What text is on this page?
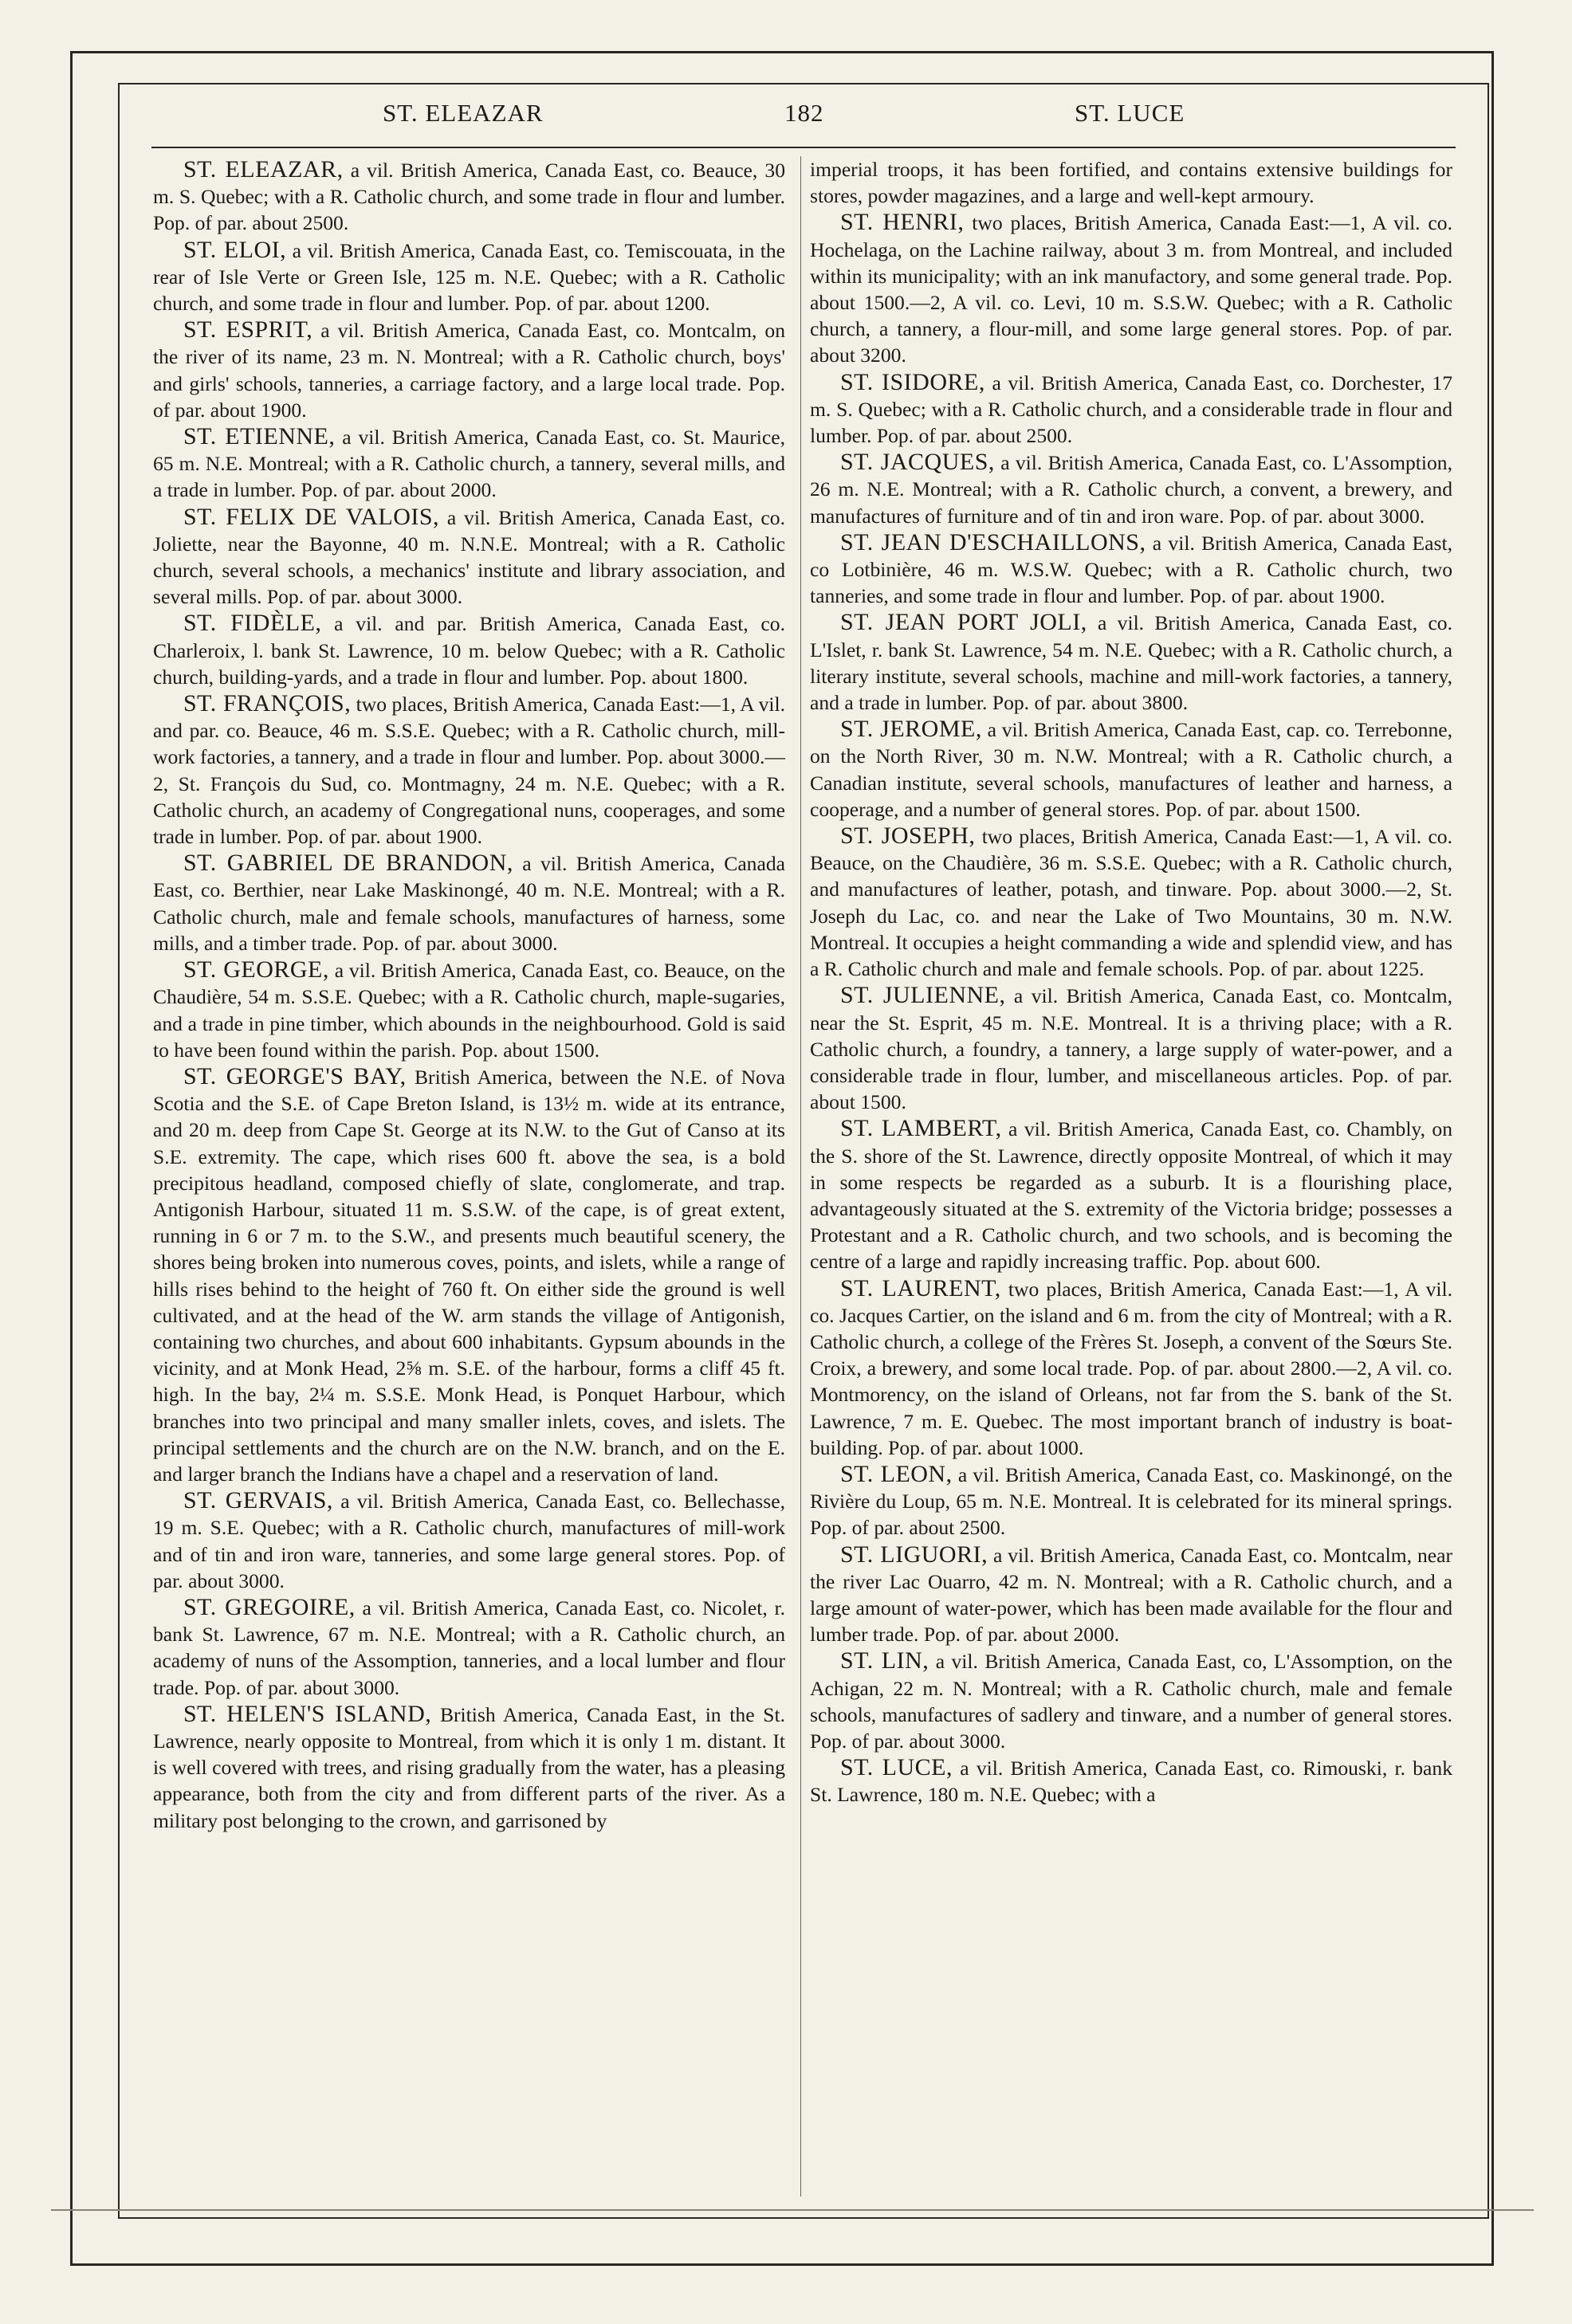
ST. ELEAZAR	182	ST. LUCE

ST. ELEAZAR, a vil. British America, Canada East, co. Beauce, 30 m. S. Quebec; with a R. Catholic church, and some trade in flour and lumber. Pop. of par. about 2500.

ST. ELOI, a vil. British America, Canada East, co. Temiscouata, in the rear of Isle Verte or Green Isle, 125 m. N.E. Quebec; with a R. Catholic church, and some trade in flour and lumber. Pop. of par. about 1200.

ST. ESPRIT, a vil. British America, Canada East, co. Montcalm, on the river of its name, 23 m. N. Montreal; with a R. Catholic church, boys' and girls' schools, tanneries, a carriage factory, and a large local trade. Pop. of par. about 1900.

ST. ETIENNE, a vil. British America, Canada East, co. St. Maurice, 65 m. N.E. Montreal; with a R. Catholic church, a tannery, several mills, and a trade in lumber. Pop. of par. about 2000.

ST. FELIX DE VALOIS, a vil. British America, Canada East, co. Joliette, near the Bayonne, 40 m. N.N.E. Montreal; with a R. Catholic church, several schools, a mechanics' institute and library association, and several mills. Pop. of par. about 3000.

ST. FIDÈLE, a vil. and par. British America, Canada East, co. Charleroix, l. bank St. Lawrence, 10 m. below Quebec; with a R. Catholic church, building-yards, and a trade in flour and lumber. Pop. about 1800.

ST. FRANÇOIS, two places, British America, Canada East:—1, A vil. and par. co. Beauce, 46 m. S.S.E. Quebec; with a R. Catholic church, mill-work factories, a tannery, and a trade in flour and lumber. Pop. about 3000.—2, St. François du Sud, co. Montmagny, 24 m. N.E. Quebec; with a R. Catholic church, an academy of Congregational nuns, cooperages, and some trade in lumber. Pop. of par. about 1900.

ST. GABRIEL DE BRANDON, a vil. British America, Canada East, co. Berthier, near Lake Maskinongé, 40 m. N.E. Montreal; with a R. Catholic church, male and female schools, manufactures of harness, some mills, and a timber trade. Pop. of par. about 3000.

ST. GEORGE, a vil. British America, Canada East, co. Beauce, on the Chaudière, 54 m. S.S.E. Quebec; with a R. Catholic church, maple-sugaries, and a trade in pine timber, which abounds in the neighbourhood. Gold is said to have been found within the parish. Pop. about 1500.

ST. GEORGE'S BAY, British America, between the N.E. of Nova Scotia and the S.E. of Cape Breton Island, is 13½ m. wide at its entrance, and 20 m. deep from Cape St. George at its N.W. to the Gut of Canso at its S.E. extremity. The cape, which rises 600 ft. above the sea, is a bold precipitous headland, composed chiefly of slate, conglomerate, and trap. Antigonish Harbour, situated 11 m. S.S.W. of the cape, is of great extent, running in 6 or 7 m. to the S.W., and presents much beautiful scenery, the shores being broken into numerous coves, points, and islets, while a range of hills rises behind to the height of 760 ft. On either side the ground is well cultivated, and at the head of the W. arm stands the village of Antigonish, containing two churches, and about 600 inhabitants. Gypsum abounds in the vicinity, and at Monk Head, 2⅝ m. S.E. of the harbour, forms a cliff 45 ft. high. In the bay, 2¼ m. S.S.E. Monk Head, is Ponquet Harbour, which branches into two principal and many smaller inlets, coves, and islets. The principal settlements and the church are on the N.W. branch, and on the E. and larger branch the Indians have a chapel and a reservation of land.

ST. GERVAIS, a vil. British America, Canada East, co. Bellechasse, 19 m. S.E. Quebec; with a R. Catholic church, manufactures of mill-work and of tin and iron ware, tanneries, and some large general stores. Pop. of par. about 3000.

ST. GREGOIRE, a vil. British America, Canada East, co. Nicolet, r. bank St. Lawrence, 67 m. N.E. Montreal; with a R. Catholic church, an academy of nuns of the Assomption, tanneries, and a local lumber and flour trade. Pop. of par. about 3000.

ST. HELEN'S ISLAND, British America, Canada East, in the St. Lawrence, nearly opposite to Montreal, from which it is only 1 m. distant. It is well covered with trees, and rising gradually from the water, has a pleasing appearance, both from the city and from different parts of the river. As a military post belonging to the crown, and garrisoned by

imperial troops, it has been fortified, and contains extensive buildings for stores, powder magazines, and a large and well-kept armoury.

ST. HENRI, two places, British America, Canada East:—1, A vil. co. Hochelaga, on the Lachine railway, about 3 m. from Montreal, and included within its municipality; with an ink manufactory, and some general trade. Pop. about 1500.—2, A vil. co. Levi, 10 m. S.S.W. Quebec; with a R. Catholic church, a tannery, a flour-mill, and some large general stores. Pop. of par. about 3200.

ST. ISIDORE, a vil. British America, Canada East, co. Dorchester, 17 m. S. Quebec; with a R. Catholic church, and a considerable trade in flour and lumber. Pop. of par. about 2500.

ST. JACQUES, a vil. British America, Canada East, co. L'Assomption, 26 m. N.E. Montreal; with a R. Catholic church, a convent, a brewery, and manufactures of furniture and of tin and iron ware. Pop. of par. about 3000.

ST. JEAN D'ESCHAILLONS, a vil. British America, Canada East, co Lotbinière, 46 m. W.S.W. Quebec; with a R. Catholic church, two tanneries, and some trade in flour and lumber. Pop. of par. about 1900.

ST. JEAN PORT JOLI, a vil. British America, Canada East, co. L'Islet, r. bank St. Lawrence, 54 m. N.E. Quebec; with a R. Catholic church, a literary institute, several schools, machine and mill-work factories, a tannery, and a trade in lumber. Pop. of par. about 3800.

ST. JEROME, a vil. British America, Canada East, cap. co. Terrebonne, on the North River, 30 m. N.W. Montreal; with a R. Catholic church, a Canadian institute, several schools, manufactures of leather and harness, a cooperage, and a number of general stores. Pop. of par. about 1500.

ST. JOSEPH, two places, British America, Canada East:—1, A vil. co. Beauce, on the Chaudière, 36 m. S.S.E. Quebec; with a R. Catholic church, and manufactures of leather, potash, and tinware. Pop. about 3000.—2, St. Joseph du Lac, co. and near the Lake of Two Mountains, 30 m. N.W. Montreal. It occupies a height commanding a wide and splendid view, and has a R. Catholic church and male and female schools. Pop. of par. about 1225.

ST. JULIENNE, a vil. British America, Canada East, co. Montcalm, near the St. Esprit, 45 m. N.E. Montreal. It is a thriving place; with a R. Catholic church, a foundry, a tannery, a large supply of water-power, and a considerable trade in flour, lumber, and miscellaneous articles. Pop. of par. about 1500.

ST. LAMBERT, a vil. British America, Canada East, co. Chambly, on the S. shore of the St. Lawrence, directly opposite Montreal, of which it may in some respects be regarded as a suburb. It is a flourishing place, advantageously situated at the S. extremity of the Victoria bridge; possesses a Protestant and a R. Catholic church, and two schools, and is becoming the centre of a large and rapidly increasing traffic. Pop. about 600.

ST. LAURENT, two places, British America, Canada East:—1, A vil. co. Jacques Cartier, on the island and 6 m. from the city of Montreal; with a R. Catholic church, a college of the Frères St. Joseph, a convent of the Sœurs Ste. Croix, a brewery, and some local trade. Pop. of par. about 2800.—2, A vil. co. Montmorency, on the island of Orleans, not far from the S. bank of the St. Lawrence, 7 m. E. Quebec. The most important branch of industry is boat-building. Pop. of par. about 1000.

ST. LEON, a vil. British America, Canada East, co. Maskinongé, on the Rivière du Loup, 65 m. N.E. Montreal. It is celebrated for its mineral springs. Pop. of par. about 2500.

ST. LIGUORI, a vil. British America, Canada East, co. Montcalm, near the river Lac Ouarro, 42 m. N. Montreal; with a R. Catholic church, and a large amount of water-power, which has been made available for the flour and lumber trade. Pop. of par. about 2000.

ST. LIN, a vil. British America, Canada East, co, L'Assomption, on the Achigan, 22 m. N. Montreal; with a R. Catholic church, male and female schools, manufactures of sadlery and tinware, and a number of general stores. Pop. of par. about 3000.

ST. LUCE, a vil. British America, Canada East, co. Rimouski, r. bank St. Lawrence, 180 m. N.E. Quebec; with a
